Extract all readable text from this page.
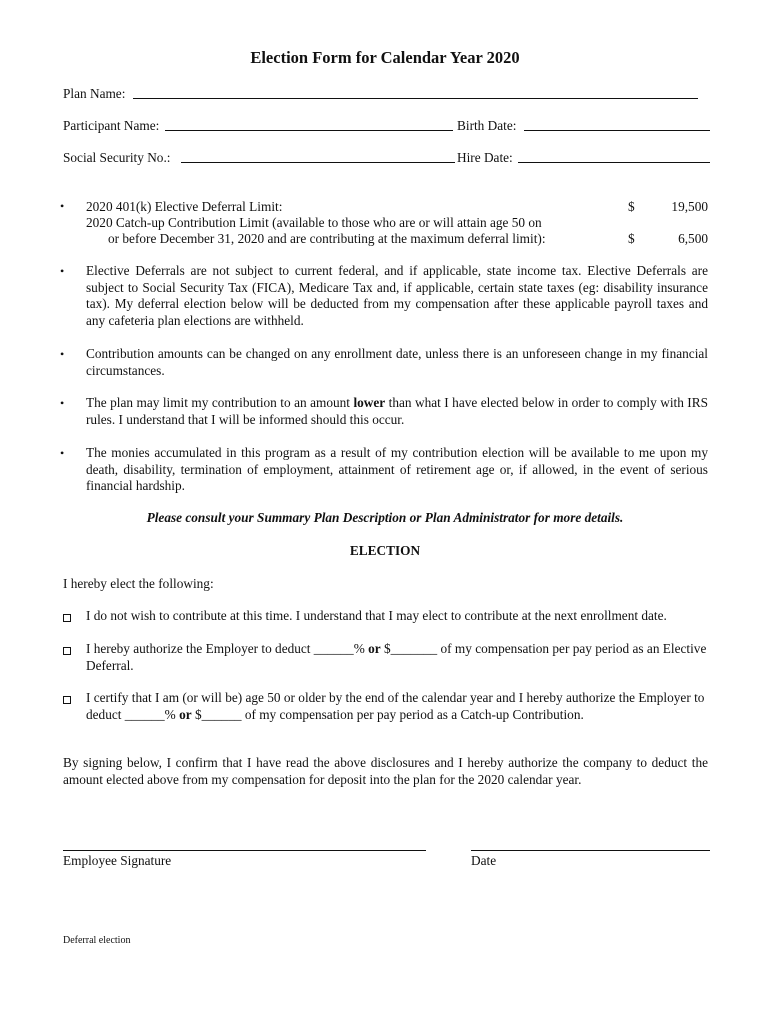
Election Form for Calendar Year 2020
Plan Name:
Participant Name:	Birth Date:
Social Security No.:	Hire Date:
• 2020 401(k) Elective Deferral Limit:	$	19,500
2020 Catch-up Contribution Limit (available to those who are or will attain age 50 on
or before December 31, 2020 and are contributing at the maximum deferral limit):	$	6,500
• Elective Deferrals are not subject to current federal, and if applicable, state income tax. Elective Deferrals are subject to Social Security Tax (FICA), Medicare Tax and, if applicable, certain state taxes (eg: disability insurance tax). My deferral election below will be deducted from my compensation after these applicable payroll taxes and any cafeteria plan elections are withheld.
• Contribution amounts can be changed on any enrollment date, unless there is an unforeseen change in my financial circumstances.
• The plan may limit my contribution to an amount lower than what I have elected below in order to comply with IRS rules. I understand that I will be informed should this occur.
• The monies accumulated in this program as a result of my contribution election will be available to me upon my death, disability, termination of employment, attainment of retirement age or, if allowed, in the event of serious financial hardship.
Please consult your Summary Plan Description or Plan Administrator for more details.
ELECTION
I hereby elect the following:
I do not wish to contribute at this time. I understand that I may elect to contribute at the next enrollment date.
I hereby authorize the Employer to deduct ______% or $_______ of my compensation per pay period as an Elective Deferral.
I certify that I am (or will be) age 50 or older by the end of the calendar year and I hereby authorize the Employer to deduct ______% or $______ of my compensation per pay period as a Catch-up Contribution.
By signing below, I confirm that I have read the above disclosures and I hereby authorize the company to deduct the amount elected above from my compensation for deposit into the plan for the 2020 calendar year.
Employee Signature	Date
Deferral election
